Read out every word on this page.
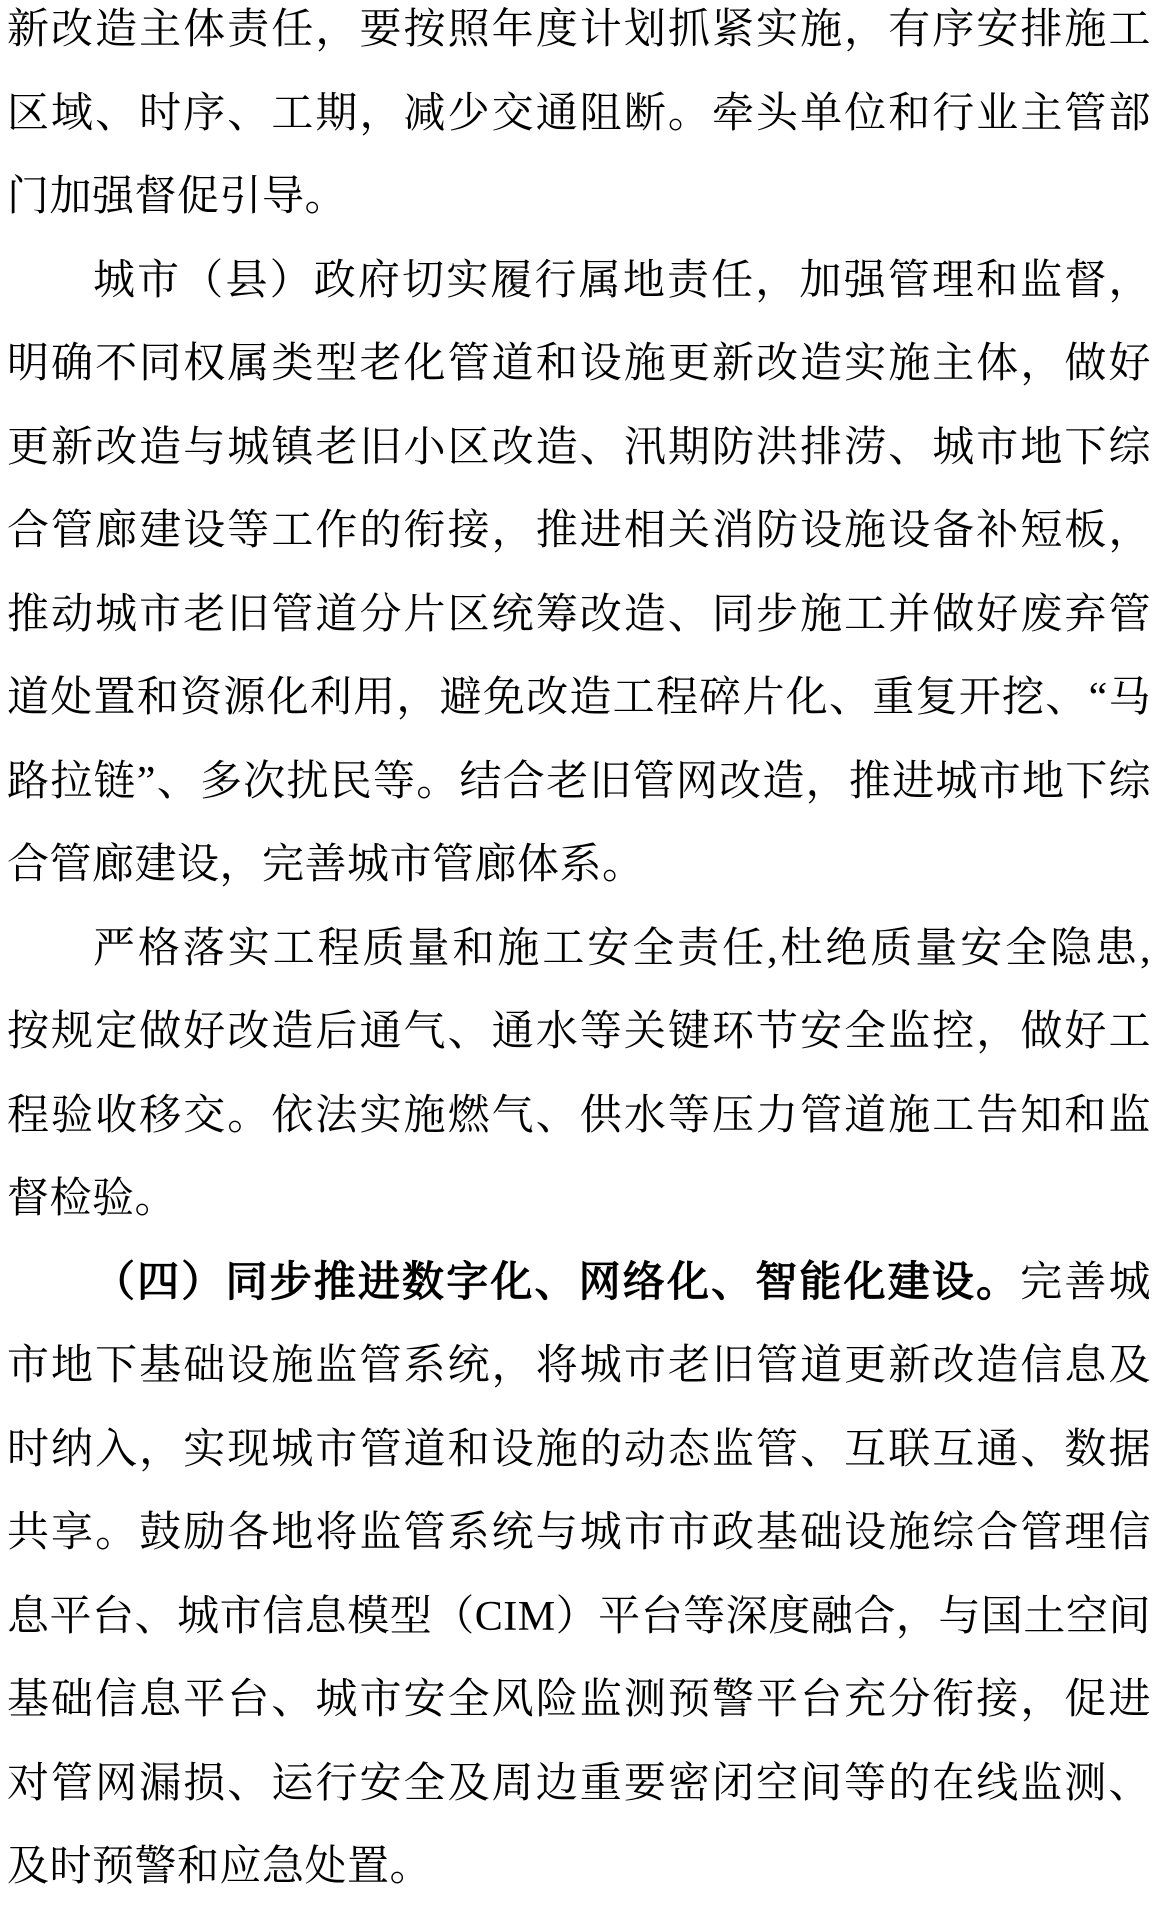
新改造主体责任，要按照年度计划抓紧实施，有序安排施工
区域、时序、工期，减少交通阻断。牵头单位和行业主管部
门加强督促引导。
城市（县）政府切实履行属地责任，加强管理和监督，
明确不同权属类型老化管道和设施更新改造实施主体，做好
更新改造与城镇老旧小区改造、汛期防洪排涝、城市地下综
合管廊建设等工作的衔接，推进相关消防设施设备补短板，
推动城市老旧管道分片区统筹改造、同步施工并做好废弃管
道处置和资源化利用，避免改造工程碎片化、重复开挖、“马
路拉链”、多次扰民等。结合老旧管网改造，推进城市地下综
合管廊建设，完善城市管廊体系。
严格落实工程质量和施工安全责任,杜绝质量安全隐患,
按规定做好改造后通气、通水等关键环节安全监控，做好工
程验收移交。依法实施燃气、供水等压力管道施工告知和监
督检验。
（四）同步推进数字化、网络化、智能化建设。完善城
市地下基础设施监管系统，将城市老旧管道更新改造信息及
时纳入，实现城市管道和设施的动态监管、互联互通、数据
共享。鼓励各地将监管系统与城市市政基础设施综合管理信
息平台、城市信息模型（CIM）平台等深度融合，与国土空间
基础信息平台、城市安全风险监测预警平台充分衔接，促进
对管网漏损、运行安全及周边重要密闭空间等的在线监测、
及时预警和应急处置。
